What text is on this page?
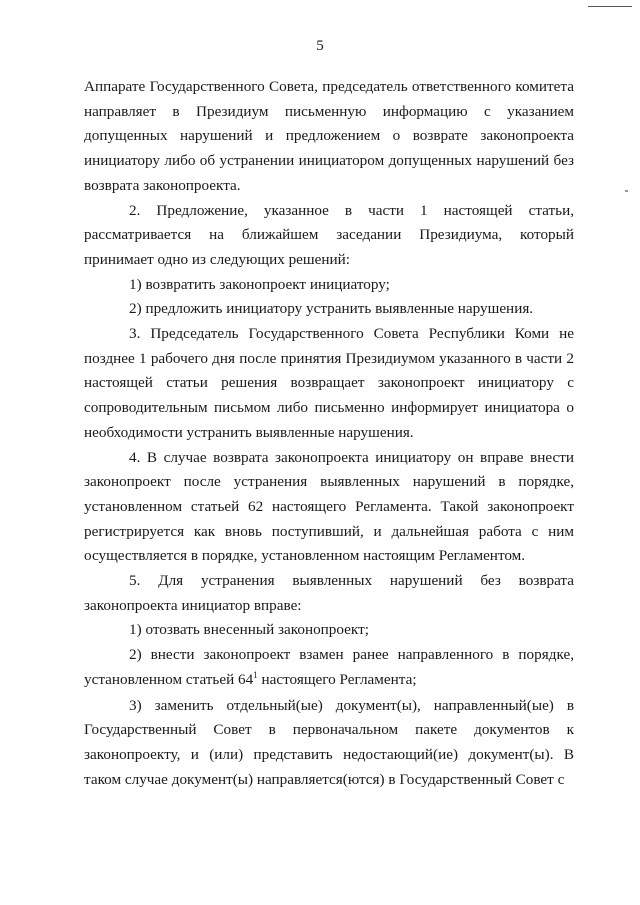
5

Аппарате Государственного Совета, председатель ответственного комитета направляет в Президиум письменную информацию с указанием допущенных нарушений и предложением о возврате законопроекта инициатору либо об устранении инициатором допущенных нарушений без возврата законопроекта.

2. Предложение, указанное в части 1 настоящей статьи, рассматривается на ближайшем заседании Президиума, который принимает одно из следующих решений:

1) возвратить законопроект инициатору;

2) предложить инициатору устранить выявленные нарушения.

3. Председатель Государственного Совета Республики Коми не позднее 1 рабочего дня после принятия Президиумом указанного в части 2 настоящей статьи решения возвращает законопроект инициатору с сопроводительным письмом либо письменно информирует инициатора о необходимости устранить выявленные нарушения.

4. В случае возврата законопроекта инициатору он вправе внести законопроект после устранения выявленных нарушений в порядке, установленном статьей 62 настоящего Регламента. Такой законопроект регистрируется как вновь поступивший, и дальнейшая работа с ним осуществляется в порядке, установленном настоящим Регламентом.

5. Для устранения выявленных нарушений без возврата законопроекта инициатор вправе:

1) отозвать внесенный законопроект;

2) внести законопроект взамен ранее направленного в порядке, установленном статьей $64^1$ настоящего Регламента;

3) заменить отдельный(ые) документ(ы), направленный(ые) в Государственный Совет в первоначальном пакете документов к законопроекту, и (или) представить недостающий(ие) документ(ы). В таком случае документ(ы) направляется(ются) в Государственный Совет с
